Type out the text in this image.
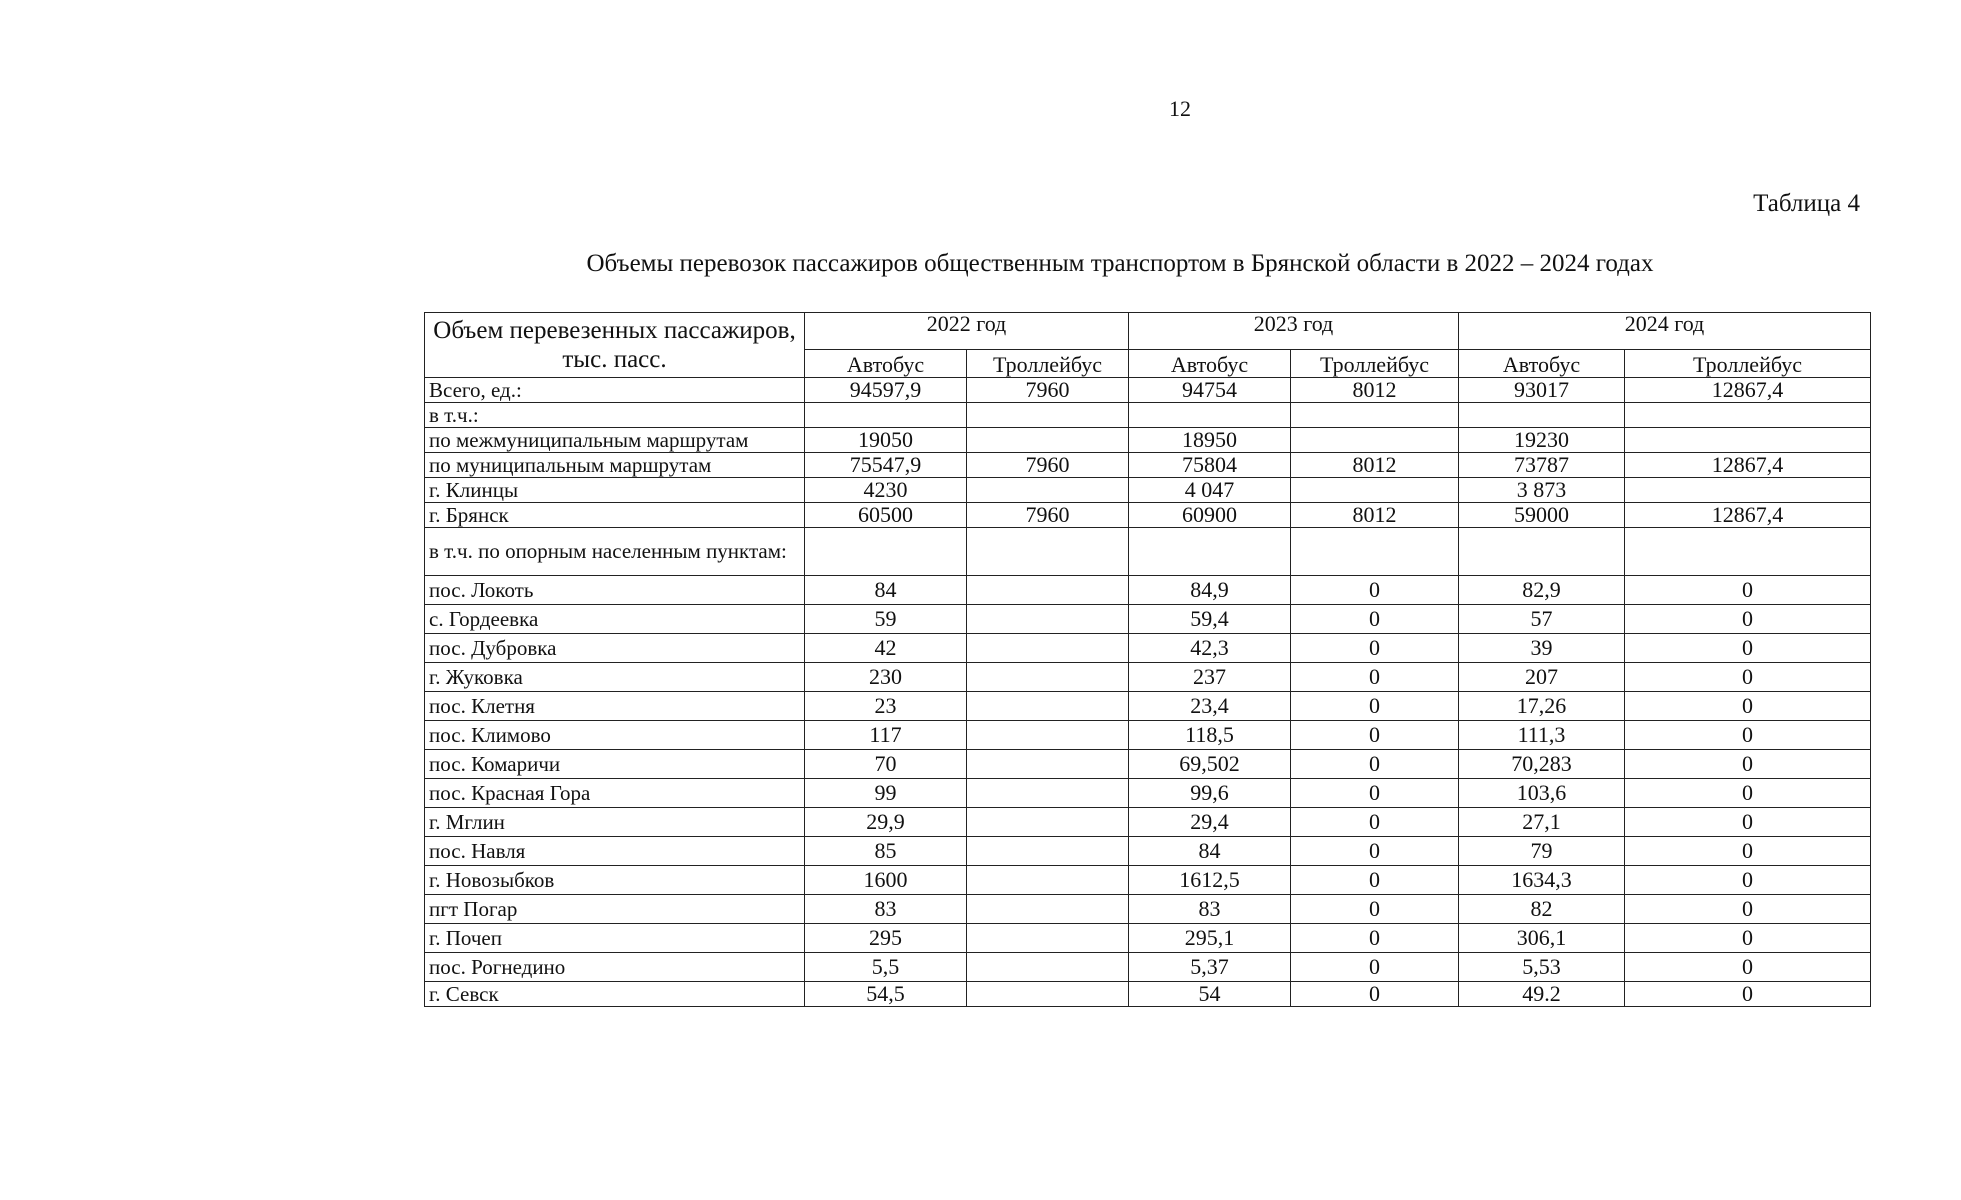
12
Таблица 4
Объемы перевозок пассажиров общественным транспортом в Брянской области в 2022 – 2024 годах
Объем перевезенных пассажиров, тыс. пасс.	2022 год		2023 год		2024 год	
	Автобус	Троллейбус	Автобус	Троллейбус	Автобус	Троллейбус
Всего, ед.:	94597,9	7960	94754	8012	93017	12867,4
в т.ч.:						
по межмуниципальным маршрутам	19050		18950		19230	
по муниципальным маршрутам	75547,9	7960	75804	8012	73787	12867,4
г. Клинцы	4230		4 047		3 873	
г. Брянск	60500	7960	60900	8012	59000	12867,4
в т.ч. по опорным населенным пунктам:						
пос. Локоть	84		84,9	0	82,9	0
с. Гордеевка	59		59,4	0	57	0
пос. Дубровка	42		42,3	0	39	0
г. Жуковка	230		237	0	207	0
пос. Клетня	23		23,4	0	17,26	0
пос. Климово	117		118,5	0	111,3	0
пос. Комаричи	70		69,502	0	70,283	0
пос. Красная Гора	99		99,6	0	103,6	0
г. Мглин	29,9		29,4	0	27,1	0
пос. Навля	85		84	0	79	0
г. Новозыбков	1600		1612,5	0	1634,3	0
пгт Погар	83		83	0	82	0
г. Почеп	295		295,1	0	306,1	0
пос. Рогнедино	5,5		5,37	0	5,53	0
г. Севск	54,5		54	0	49.2	0
